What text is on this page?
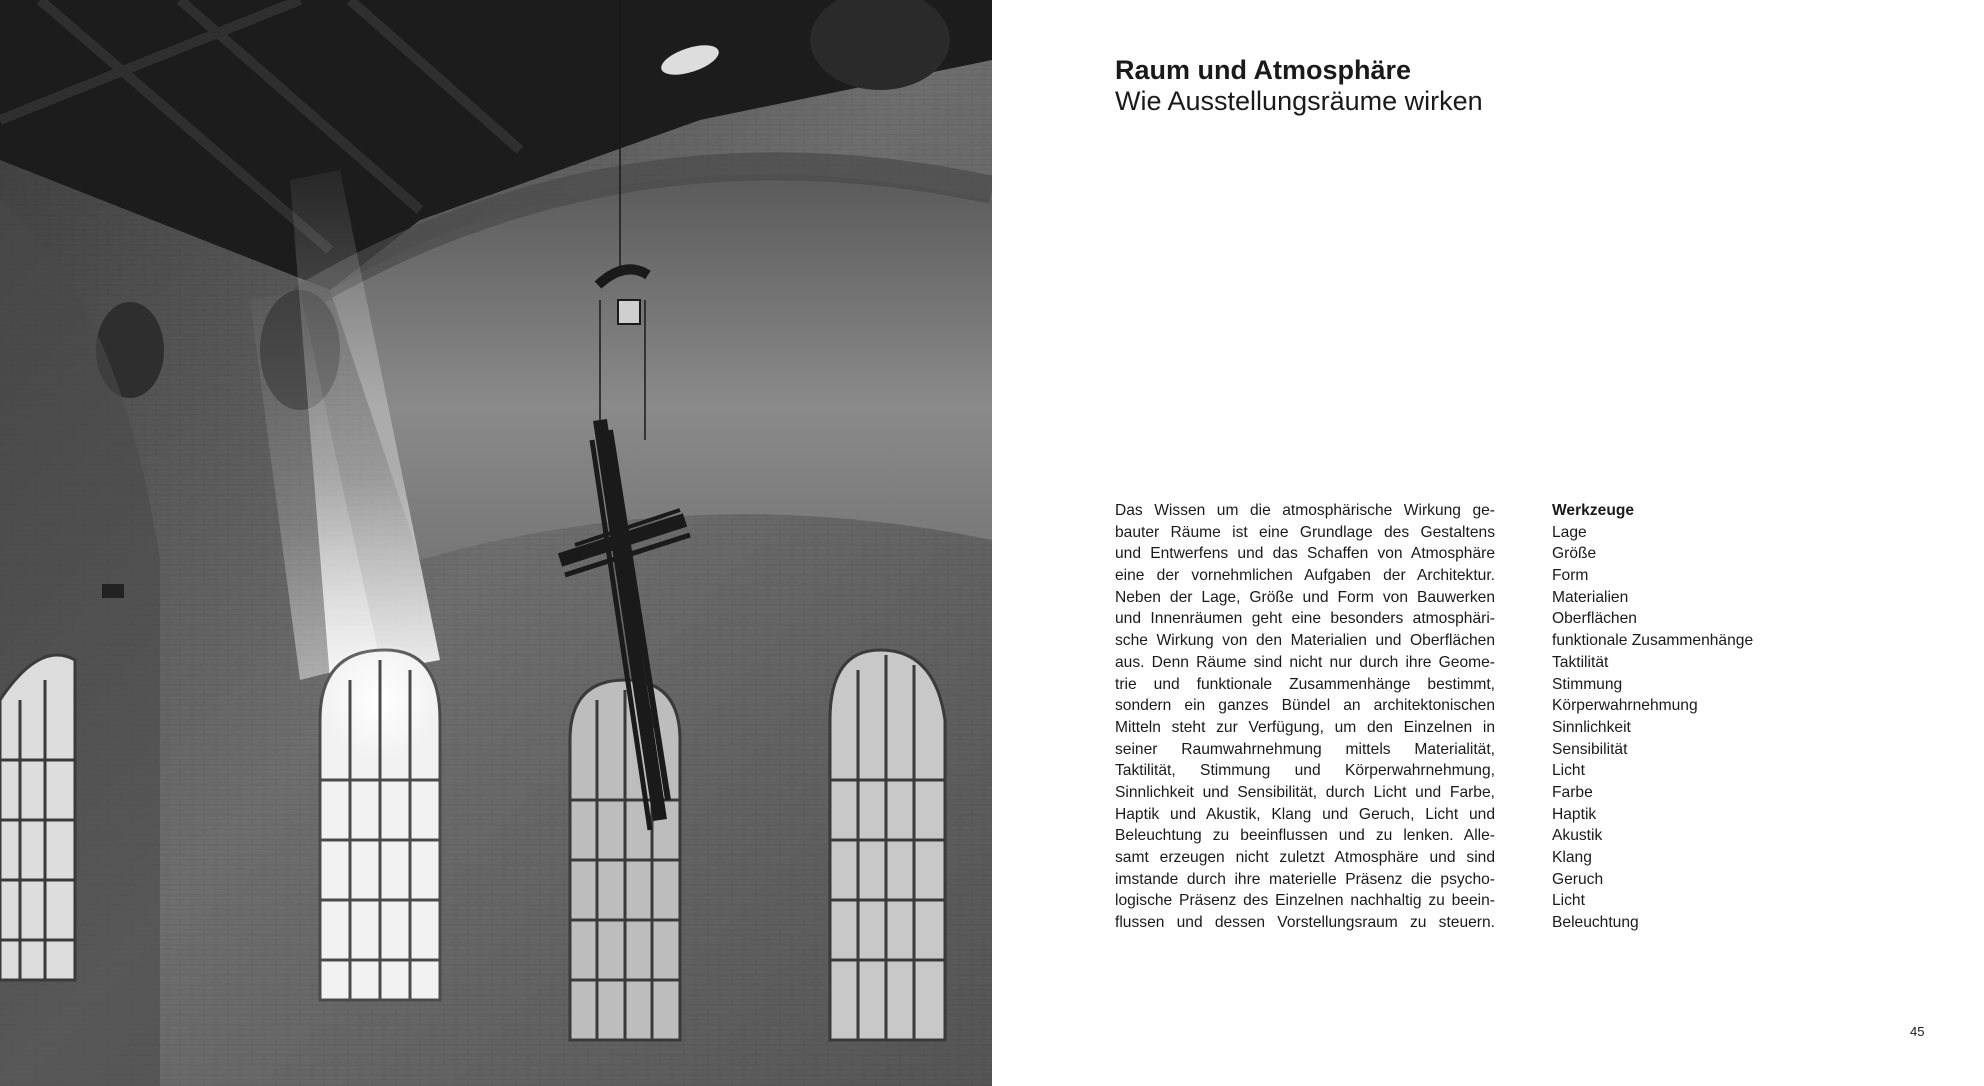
Raum und Atmosphäre
Wie Ausstellungsräume wirken
Das Wissen um die atmosphärische Wirkung ge-
bauter Räume ist eine Grundlage des Gestaltens
und Entwerfens und das Schaffen von Atmosphäre
eine der vornehmlichen Aufgaben der Architektur.
Neben der Lage, Größe und Form von Bauwerken
und Innenräumen geht eine besonders atmosphäri-
sche Wirkung von den Materialien und Oberflächen
aus. Denn Räume sind nicht nur durch ihre Geome-
trie und funktionale Zusammenhänge bestimmt,
sondern ein ganzes Bündel an architektonischen
Mitteln steht zur Verfügung, um den Einzelnen in
seiner Raumwahrnehmung mittels Materialität,
Taktilität, Stimmung und Körperwahrnehmung,
Sinnlichkeit und Sensibilität, durch Licht und Farbe,
Haptik und Akustik, Klang und Geruch, Licht und
Beleuchtung zu beeinflussen und zu lenken. Alle-
samt erzeugen nicht zuletzt Atmosphäre und sind
imstande durch ihre materielle Präsenz die psycho-
logische Präsenz des Einzelnen nachhaltig zu beein-
flussen und dessen Vorstellungsraum zu steuern.
Werkzeuge
Lage
Größe
Form
Materialien
Oberflächen
funktionale Zusammenhänge
Taktilität
Stimmung
Körperwahrnehmung
Sinnlichkeit
Sensibilität
Licht
Farbe
Haptik
Akustik
Klang
Geruch
Licht
Beleuchtung
45
